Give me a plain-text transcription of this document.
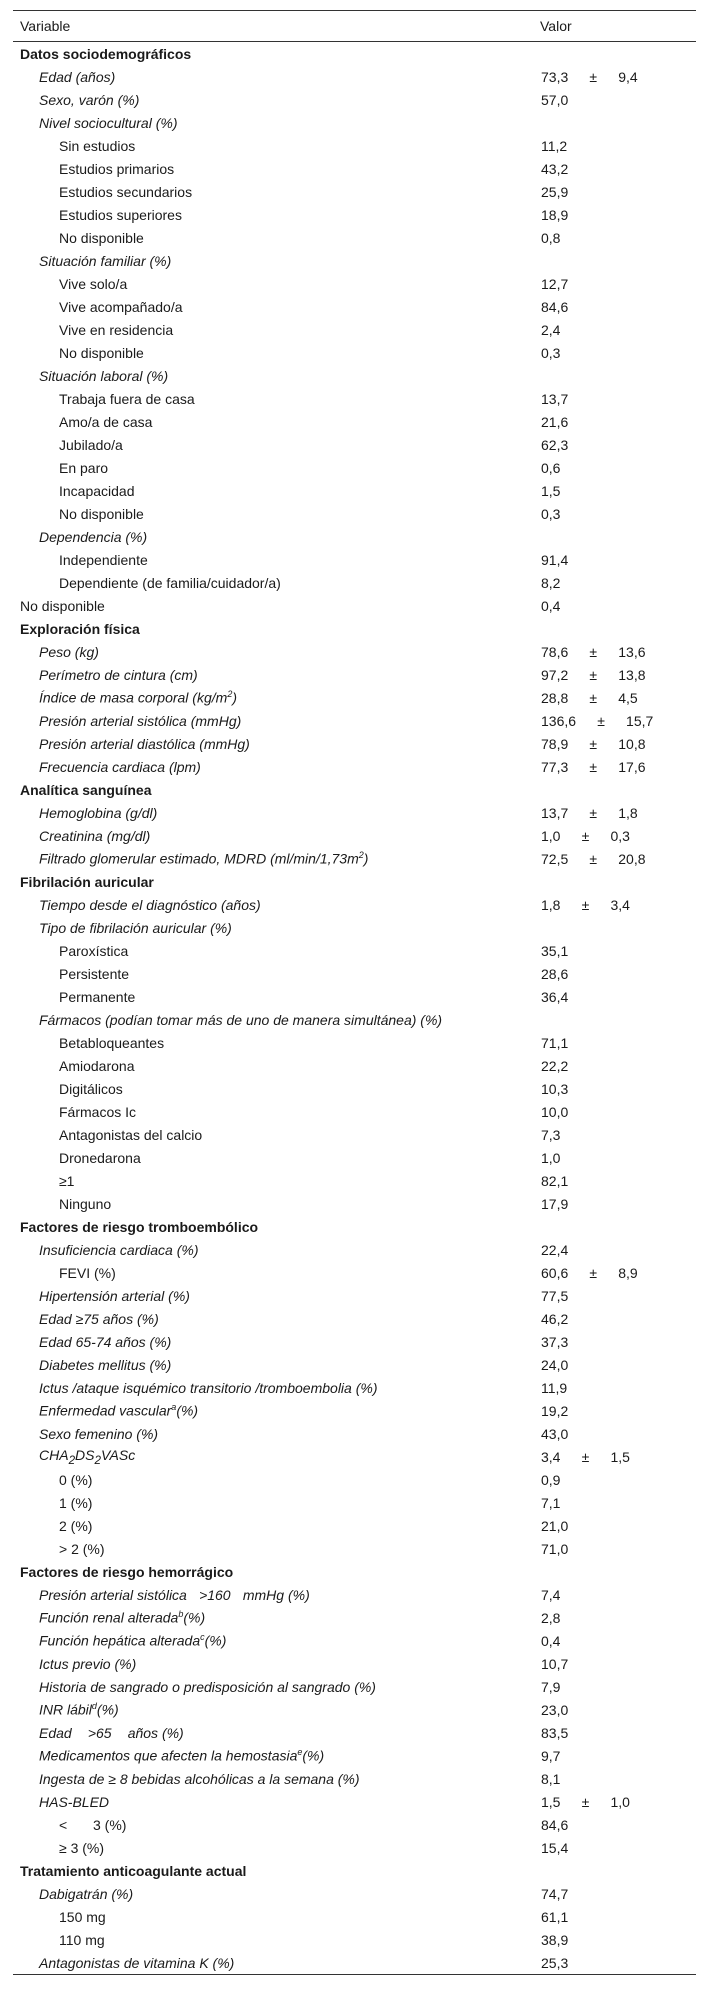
Variable	Valor
Datos sociodemográficos
Edad (años)	73,3 ± 9,4
Sexo, varón (%)	57,0
Nivel sociocultural (%)
Sin estudios	11,2
Estudios primarios	43,2
Estudios secundarios	25,9
Estudios superiores	18,9
No disponible	0,8
Situación familiar (%)
Vive solo/a	12,7
Vive acompañado/a	84,6
Vive en residencia	2,4
No disponible	0,3
Situación laboral (%)
Trabaja fuera de casa	13,7
Amo/a de casa	21,6
Jubilado/a	62,3
En paro	0,6
Incapacidad	1,5
No disponible	0,3
Dependencia (%)
Independiente	91,4
Dependiente (de familia/cuidador/a)	8,2
No disponible	0,4
Exploración física
Peso (kg)	78,6 ± 13,6
Perímetro de cintura (cm)	97,2 ± 13,8
Índice de masa corporal $(kg/m^2)$	28,8 ± 4,5
Presión arterial sistólica (mmHg)	136,6 ± 15,7
Presión arterial diastólica (mmHg)	78,9 ± 10,8
Frecuencia cardiaca (lpm)	77,3 ± 17,6
Analítica sanguínea
Hemoglobina (g/dl)	13,7 ± 1,8
Creatinina (mg/dl)	1,0 ± 0,3
Filtrado glomerular estimado, MDRD $(ml/\min/1,73m^2)$	72,5 ± 20,8
Fibrilación auricular
Tiempo desde el diagnóstico (años)	1,8 ± 3,4
Tipo de fibrilación auricular (%)
Paroxística	35,1
Persistente	28,6
Permanente	36,4
Fármacos (podían tomar más de uno de manera simultánea) (%)
Betabloqueantes	71,1
Amiodarona	22,2
Digitálicos	10,3
Fármacos Ic	10,0
Antagonistas del calcio	7,3
Dronedarona	1,0
≥1	82,1
Ninguno	17,9
Factores de riesgo tromboembólico
Insuficiencia cardiaca (%)	22,4
FEVI (%)	60,6 ± 8,9
Hipertensión arterial (%)	77,5
Edad ≥75 años (%)	46,2
Edad 65-74 años (%)	37,3
Diabetes mellitus (%)	24,0
Ictus /ataque isquémico transitorio /tromboembolia (%)	11,9
Enfermedad vascular$^a$(%)	19,2
Sexo femenino (%)	43,0
$CHA_2DS_2VASc$	3,4 ± 1,5
0 (%)	0,9
1 (%)	7,1
2 (%)	21,0
> 2 (%)	71,0
Factores de riesgo hemorrágico
Presión arterial sistólica >160 mmHg (%)	7,4
Función renal alterada$^b$(%)	2,8
Función hepática alterada$^c$(%)	0,4
Ictus previo (%)	10,7
Historia de sangrado o predisposición al sangrado (%)	7,9
INR lábil$^d$(%)	23,0
Edad >65 años (%)	83,5
Medicamentos que afecten la hemostasia$^e$(%)	9,7
Ingesta de ≥ 8 bebidas alcohólicas a la semana (%)	8,1
HAS-BLED	1,5 ± 1,0
< 3 (%)	84,6
≥ 3 (%)	15,4
Tratamiento anticoagulante actual
Dabigatrán (%)	74,7
150 mg	61,1
110 mg	38,9
Antagonistas de vitamina K (%)	25,3
